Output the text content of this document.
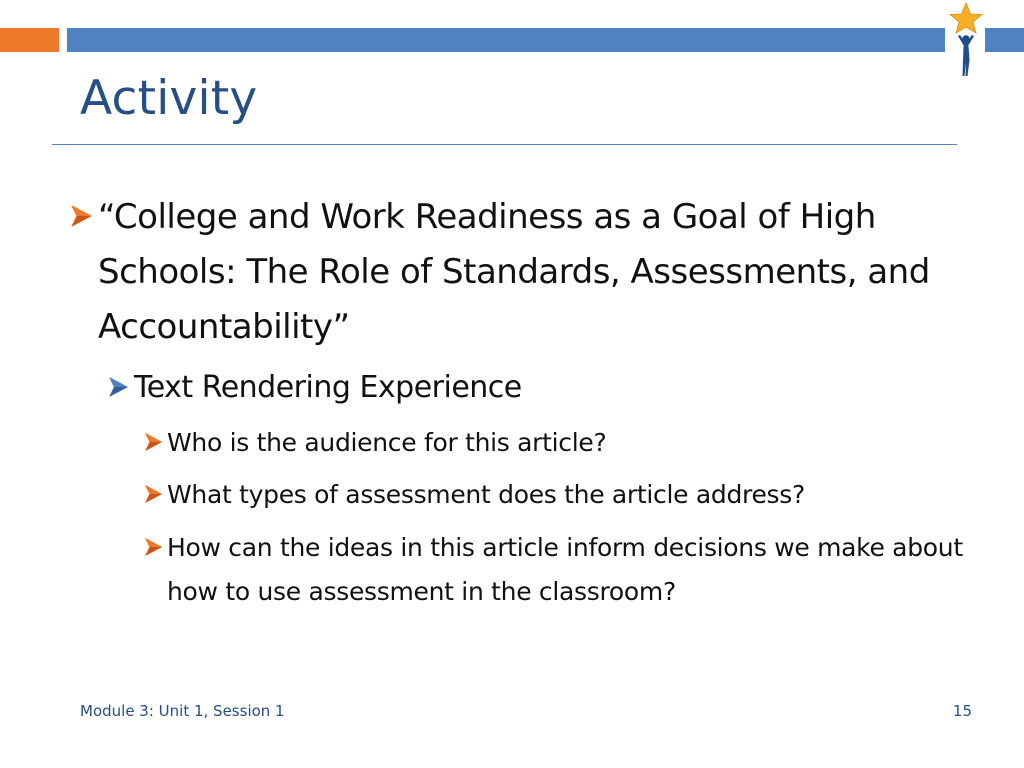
Activity
“College and Work Readiness as a Goal of High Schools: The Role of Standards, Assessments, and Accountability”
Text Rendering Experience
Who is the audience for this article?
What types of assessment does the article address?
How can the ideas in this article inform decisions we make about how to use assessment in the classroom?
Module 3: Unit 1, Session 1	15
